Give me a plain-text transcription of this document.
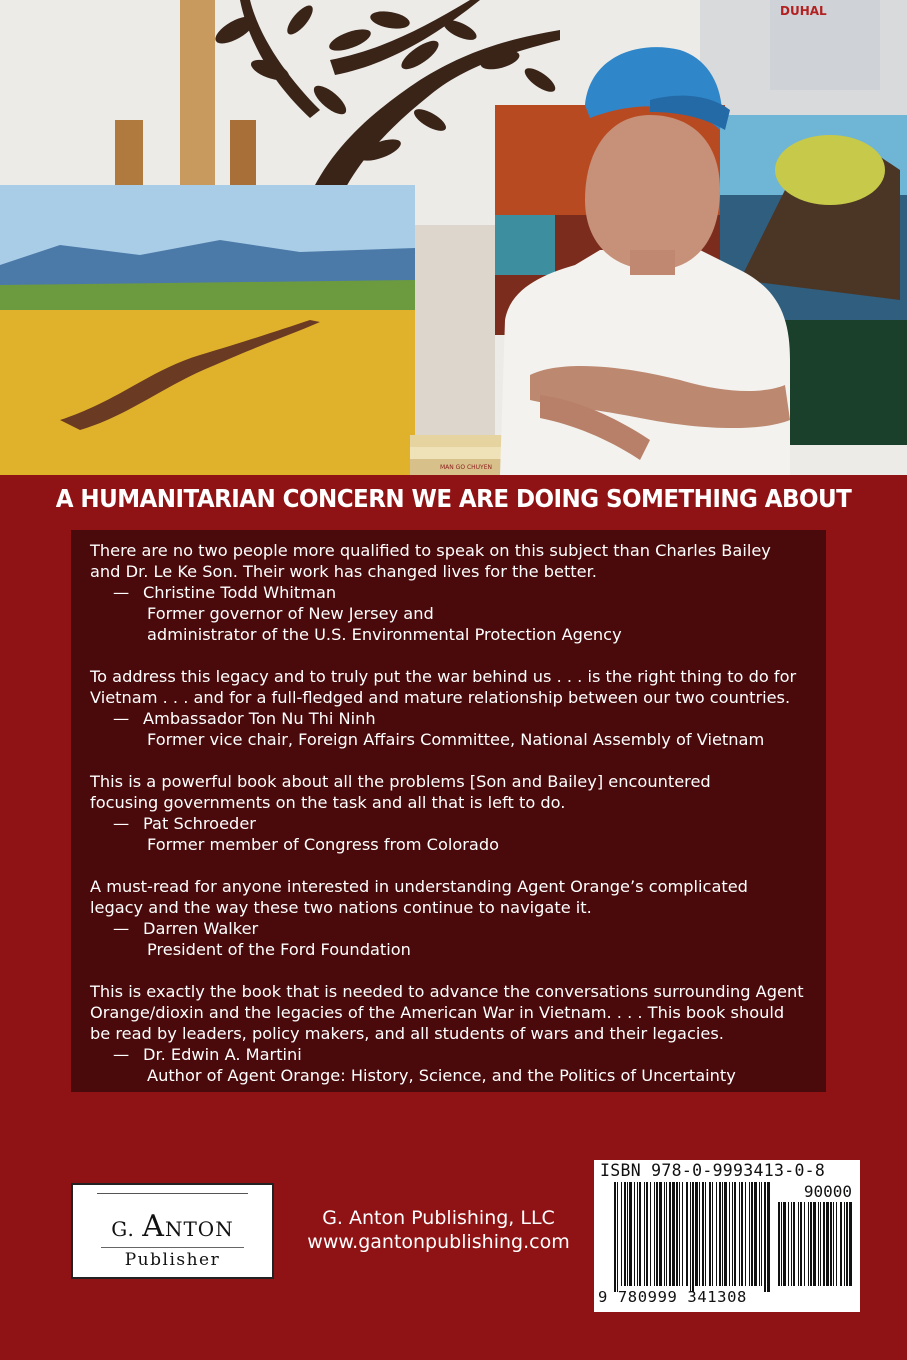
DUHAL
MAN GO CHUYEN
A HUMANITARIAN CONCERN WE ARE DOING SOMETHING ABOUT
There are no two people more qualified to speak on this subject than Charles Bailey
and Dr. Le Ke Son. Their work has changed lives for the better.
— Christine Todd Whitman
Former governor of New Jersey and
administrator of the U.S. Environmental Protection Agency
To address this legacy and to truly put the war behind us . . . is the right thing to do for
Vietnam . . . and for a full-fledged and mature relationship between our two countries.
— Ambassador Ton Nu Thi Ninh
Former vice chair, Foreign Affairs Committee, National Assembly of Vietnam
This is a powerful book about all the problems [Son and Bailey] encountered
focusing governments on the task and all that is left to do.
— Pat Schroeder
Former member of Congress from Colorado
A must-read for anyone interested in understanding Agent Orange’s complicated
legacy and the way these two nations continue to navigate it.
— Darren Walker
President of the Ford Foundation
This is exactly the book that is needed to advance the conversations surrounding Agent
Orange/dioxin and the legacies of the American War in Vietnam. . . . This book should
be read by leaders, policy makers, and all students of wars and their legacies.
— Dr. Edwin A. Martini
Author of Agent Orange: History, Science, and the Politics of Uncertainty
G. ANTON
Publisher
G. Anton Publishing, LLC
www.gantonpublishing.com
ISBN 978-0-9993413-0-8
90000
9 780999 341308
